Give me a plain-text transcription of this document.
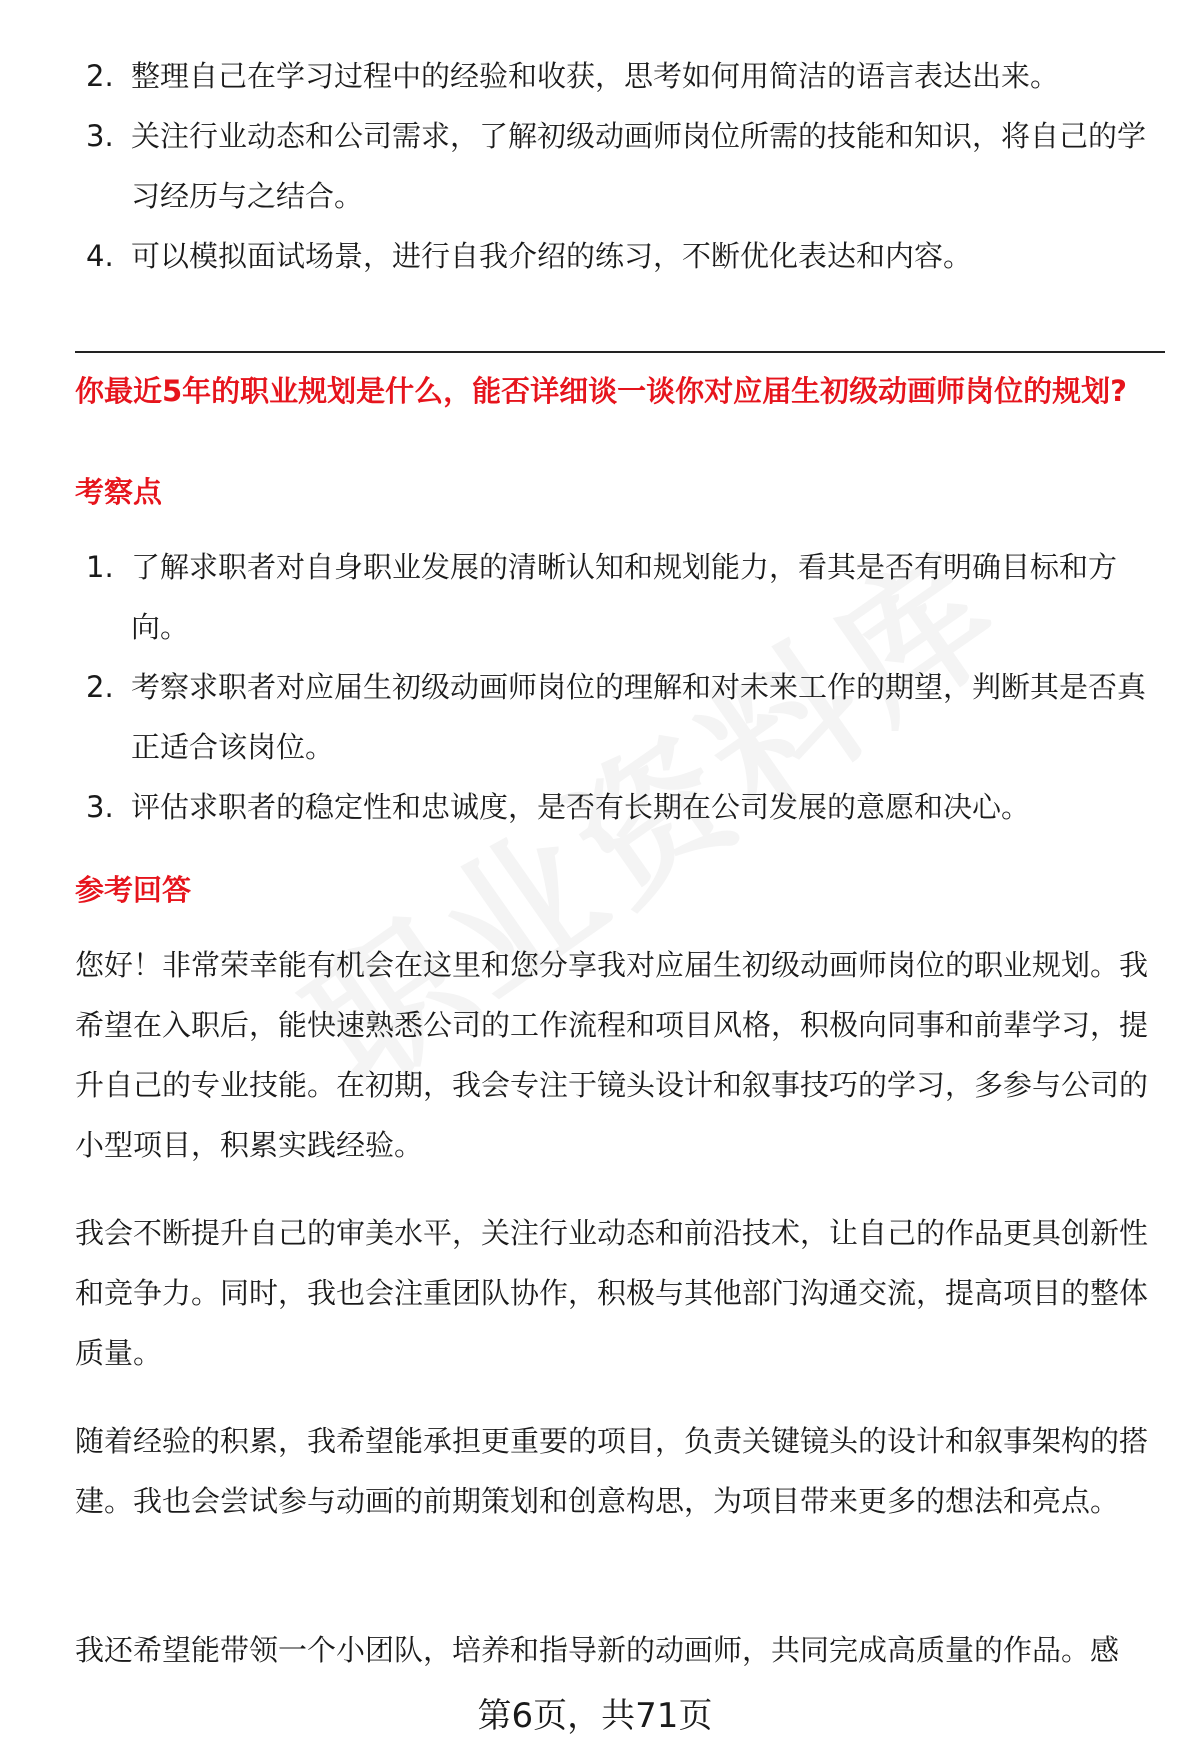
2. 整理自己在学习过程中的经验和收获，思考如何用简洁的语言表达出来。
3. 关注行业动态和公司需求，了解初级动画师岗位所需的技能和知识，将自己的学习经历与之结合。
4. 可以模拟面试场景，进行自我介绍的练习，不断优化表达和内容。
你最近5年的职业规划是什么，能否详细谈一谈你对应届生初级动画师岗位的规划?
考察点
1. 了解求职者对自身职业发展的清晰认知和规划能力，看其是否有明确目标和方向。
2. 考察求职者对应届生初级动画师岗位的理解和对未来工作的期望，判断其是否真正适合该岗位。
3. 评估求职者的稳定性和忠诚度，是否有长期在公司发展的意愿和决心。
参考回答

您好！非常荣幸能有机会在这里和您分享我对应届生初级动画师岗位的职业规划。我希望在入职后，能快速熟悉公司的工作流程和项目风格，积极向同事和前辈学习，提升自己的专业技能。在初期，我会专注于镜头设计和叙事技巧的学习，多参与公司的小型项目，积累实践经验。

我会不断提升自己的审美水平，关注行业动态和前沿技术，让自己的作品更具创新性和竞争力。同时，我也会注重团队协作，积极与其他部门沟通交流，提高项目的整体质量。

随着经验的积累，我希望能承担更重要的项目，负责关键镜头的设计和叙事架构的搭建。我也会尝试参与动画的前期策划和创意构思，为项目带来更多的想法和亮点。

我还希望能带领一个小团队，培养和指导新的动画师，共同完成高质量的作品。感

第6页，共71页
